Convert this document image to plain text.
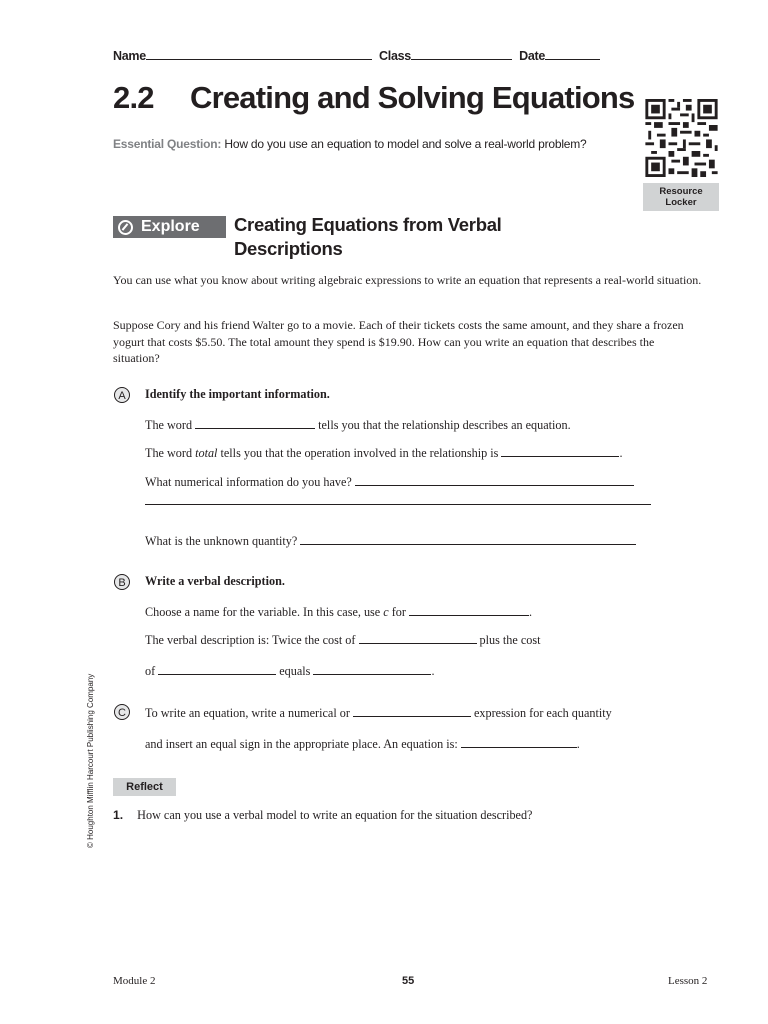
Name	Class	Date
2.2 Creating and Solving Equations
Essential Question: How do you use an equation to model and solve a real-world problem?
Resource
Locker
Explore Creating Equations from Verbal
Descriptions
You can use what you know about writing algebraic expressions to write an equation that represents a real-world situation.
Suppose Cory and his friend Walter go to a movie. Each of their tickets costs the same amount, and they share a frozen yogurt that costs $5.50. The total amount they spend is $19.90. How can you write an equation that describes the situation?
A	Identify the important information.
The word	tells you that the relationship describes an equation.
The word total tells you that the operation involved in the relationship is	.
What numerical information do you have?
What is the unknown quantity?
B	Write a verbal description.
Choose a name for the variable. In this case, use c for	.
The verbal description is: Twice the cost of	plus the cost
of	equals	.
C	To write an equation, write a numerical or	expression for each quantity
and insert an equal sign in the appropriate place. An equation is:	.
Reflect
1. How can you use a verbal model to write an equation for the situation described?
© Houghton Mifflin Harcourt Publishing Company
Module 2	55	Lesson 2
